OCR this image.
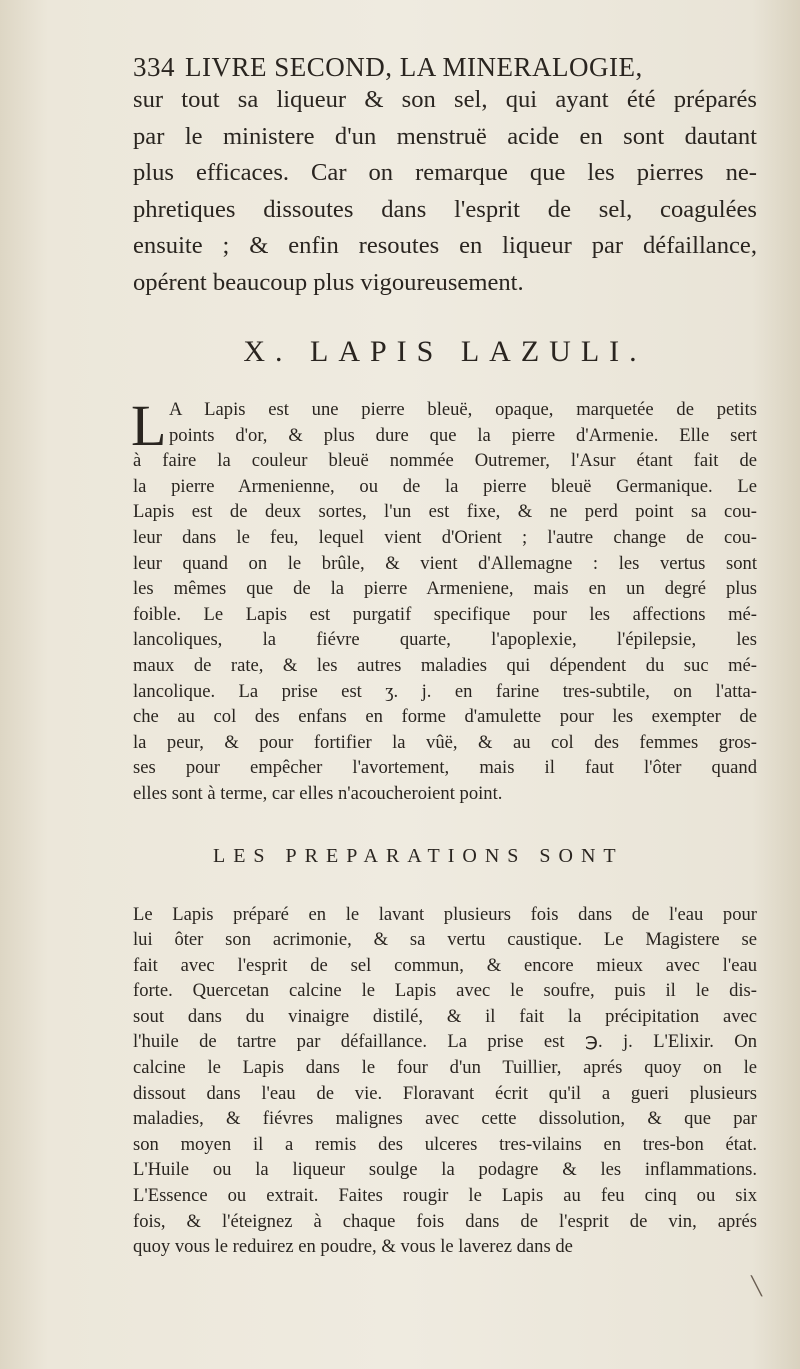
334 LIVRE SECOND, LA MINERALOGIE,

sur tout sa liqueur & son sel, qui ayant été préparés
par le ministere d'un menstruë acide en sont dautant
plus efficaces. Car on remarque que les pierres ne-
phretiques dissoutes dans l'esprit de sel, coagulées
ensuite ; & enfin resoutes en liqueur par défaillance,
opérent beaucoup plus vigoureusement.

X. LAPIS LAZULI.
L A Lapis est une pierre bleuë, opaque, marquetée de petits
points d'or, & plus dure que la pierre d'Armenie. Elle sert
à faire la couleur bleuë nommée Outremer, l'Asur étant fait de
la pierre Armenienne, ou de la pierre bleuë Germanique. Le
Lapis est de deux sortes, l'un est fixe, & ne perd point sa cou-
leur dans le feu, lequel vient d'Orient ; l'autre change de cou-
leur quand on le brûle, & vient d'Allemagne : les vertus sont
les mêmes que de la pierre Armeniene, mais en un degré plus
foible. Le Lapis est purgatif specifique pour les affections mé-
lancoliques, la fiévre quarte, l'apoplexie, l'épilepsie, les
maux de rate, & les autres maladies qui dépendent du suc mé-
lancolique. La prise est ʒ. j. en farine tres-subtile, on l'atta-
che au col des enfans en forme d'amulette pour les exempter de
la peur, & pour fortifier la vûë, & au col des femmes gros-
ses pour empêcher l'avortement, mais il faut l'ôter quand
elles sont à terme, car elles n'acoucheroient point.

LES PREPARATIONS SONT

Le Lapis préparé en le lavant plusieurs fois dans de l'eau pour
lui ôter son acrimonie, & sa vertu caustique. Le Magistere se
fait avec l'esprit de sel commun, & encore mieux avec l'eau
forte. Quercetan calcine le Lapis avec le soufre, puis il le dis-
sout dans du vinaigre distilé, & il fait la précipitation avec
l'huile de tartre par défaillance. La prise est ℈. j. L'Elixir. On
calcine le Lapis dans le four d'un Tuillier, aprés quoy on le
dissout dans l'eau de vie. Floravant écrit qu'il a gueri plusieurs
maladies, & fiévres malignes avec cette dissolution, & que par
son moyen il a remis des ulceres tres-vilains en tres-bon état.
L'Huile ou la liqueur soulge la podagre & les inflammations.
L'Essence ou extrait. Faites rougir le Lapis au feu cinq ou six
fois, & l'éteignez à chaque fois dans de l'esprit de vin, aprés
quoy vous le reduirez en poudre, & vous le laverez dans de

╲
